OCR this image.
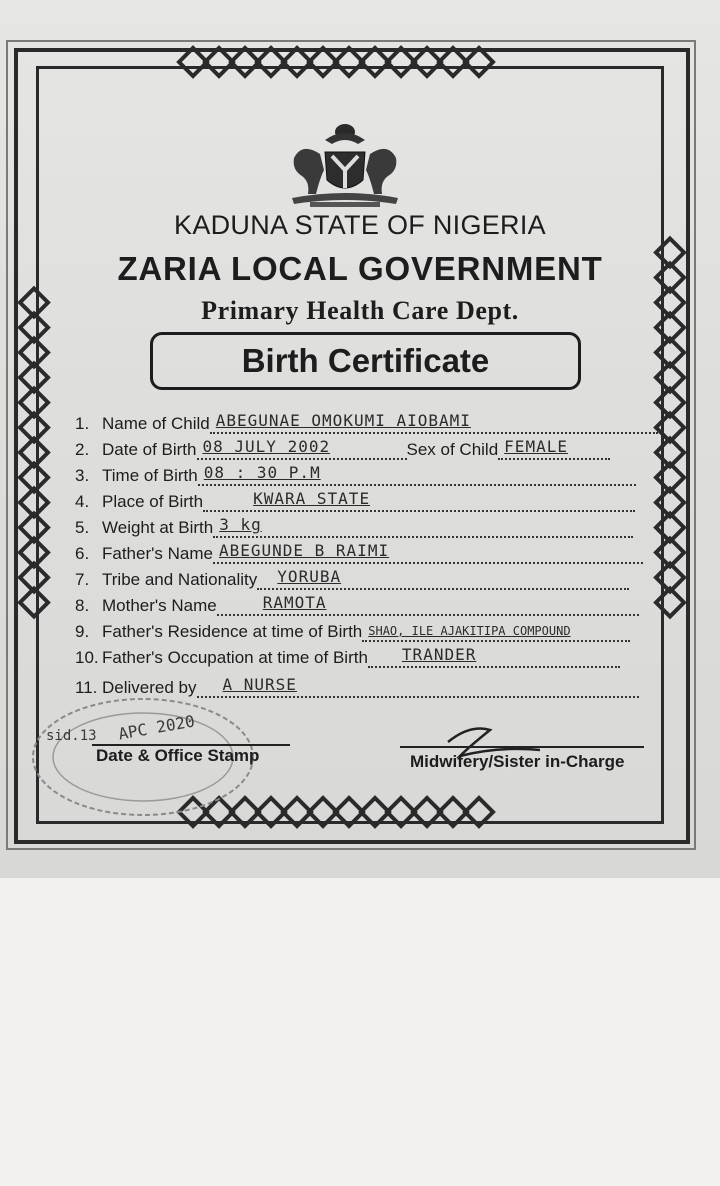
KADUNA STATE OF NIGERIA
ZARIA LOCAL GOVERNMENT
Primary Health Care Dept.
Birth Certificate
1. Name of Child ABEGUNAE OMOKUMI AIOBAMI
2. Date of Birth 08 JULY 2002	Sex of Child FEMALE
3. Time of Birth 08 : 30 P.M
4. Place of Birth	KWARA STATE
5. Weight at Birth 3 kg
6. Father's Name ABEGUNDE B RAIMI
7. Tribe and Nationality YORUBA
8. Mother's Name	RAMOTA
9. Father's Residence at time of Birth SHAO, ILE AJAKITIPA COMPOUND
10. Father's Occupation at time of Birth TRANDER
11. Delivered by A NURSE
sid.13 APC 2020
Date & Office Stamp	Midwifery/Sister in-Charge
